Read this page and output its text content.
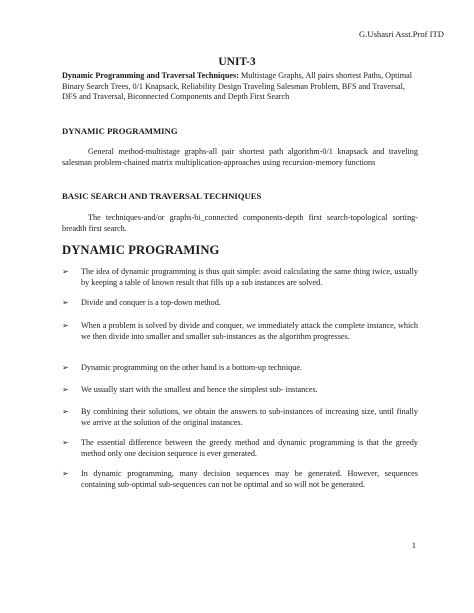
G.Ushasri Asst.Prof ITD
UNIT-3
Dynamic Programming and Traversal Techniques: Multistage Graphs, All pairs shortest Paths, Optimal Binary Search Trees, 0/1 Knapsack, Reliability Design Traveling Salesman Problem, BFS and Traversal, DFS and Traversal, Biconnected Components and Depth First Search
DYNAMIC PROGRAMMING
General method-multistage graphs-all pair shortest path algorithm-0/1 knapsack and traveling salesman problem-chained matrix multiplication-approaches using recursion-memory functions
BASIC SEARCH AND TRAVERSAL TECHNIQUES
The techniques-and/or graphs-bi_connected components-depth first search-topological sorting-breadth first search.
DYNAMIC PROGRAMING
➢	The idea of dynamic programming is thus quit simple: avoid calculating the same thing twice, usually by keeping a table of known result that fills up a sub instances are solved.
➢	Divide and conquer is a top-down method.
➢	When a problem is solved by divide and conquer, we immediately attack the complete instance, which we then divide into smaller and smaller sub-instances as the algorithm progresses.
➢	Dynamic programming on the other hand is a bottom-up technique.
➢	We usually start with the smallest and hence the simplest sub- instances.
➢	By combining their solutions, we obtain the answers to sub-instances of increasing size, until finally we arrive at the solution of the original instances.
➢	The essential difference between the greedy method and dynamic programming is that the greedy method only one decision sequence is ever generated.
➢	In dynamic programming, many decision sequences may be generated. However, sequences containing sub-optimal sub-sequences can not be optimal and so will not be generated.
1
